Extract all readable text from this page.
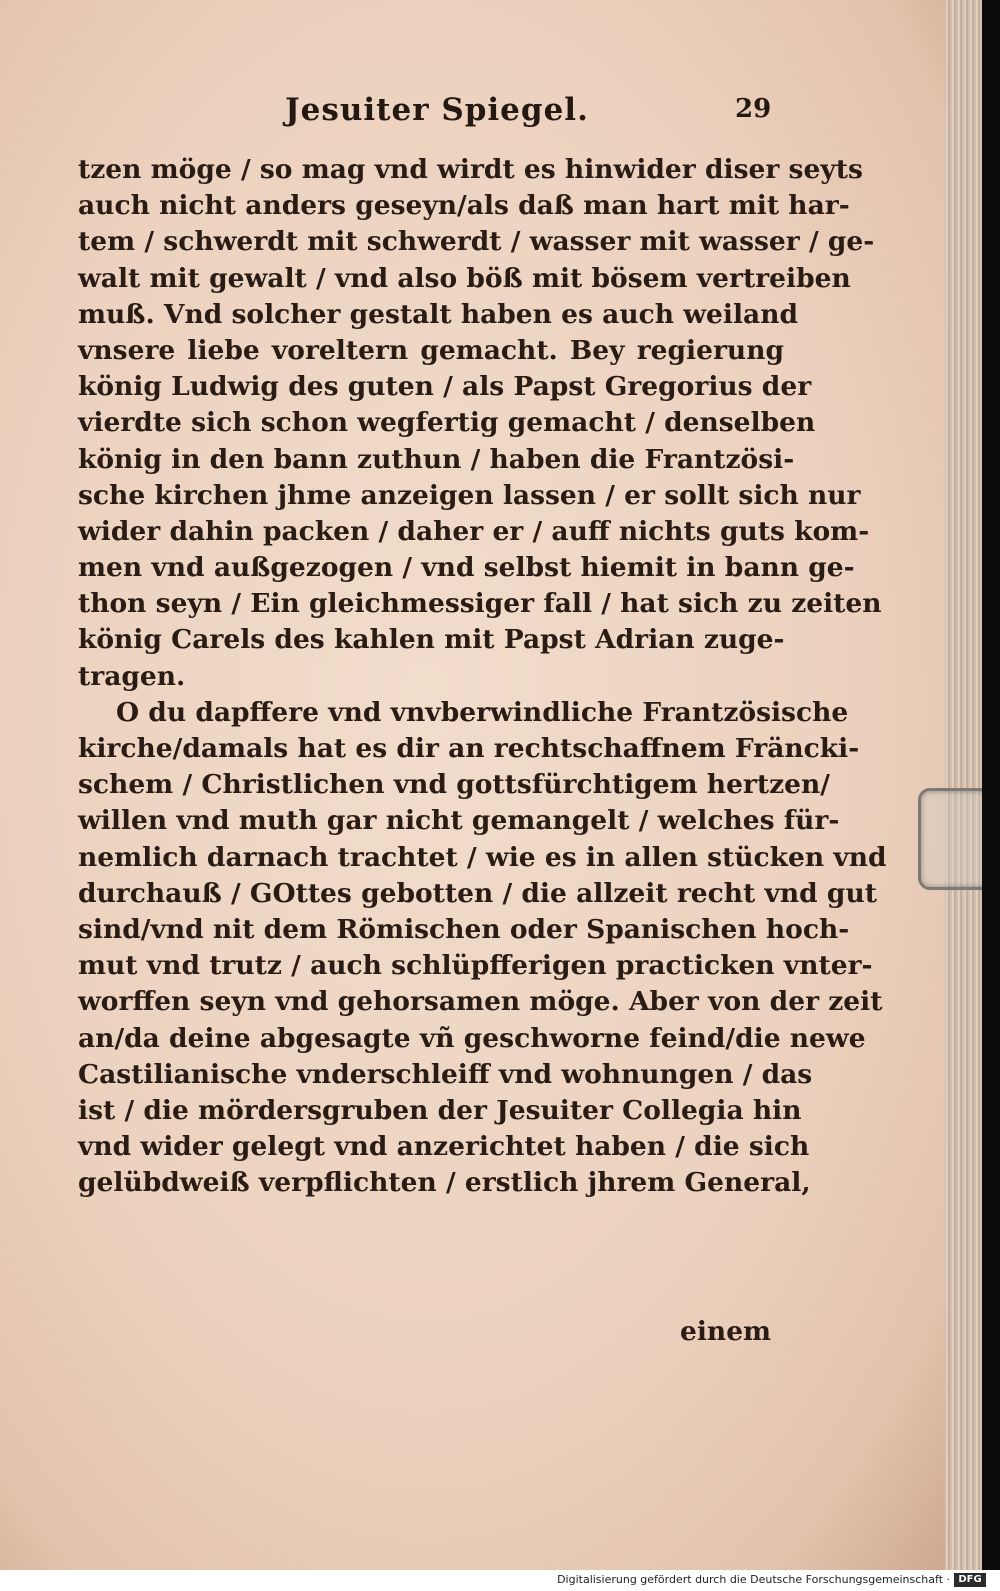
Jesuiter Spiegel.	29
tzen möge / so mag vnd wirdt es hinwider diser seyts
auch nicht anders geseyn/als daß man hart mit har-
tem / schwerdt mit schwerdt / wasser mit wasser / ge-
walt mit gewalt / vnd also böß mit bösem vertreiben
muß. Vnd solcher gestalt haben es auch weiland
vnsere liebe voreltern gemacht. Bey regierung
könig Ludwig des guten / als Papst Gregorius der
vierdte sich schon wegfertig gemacht / denselben
könig in den bann zuthun / haben die Frantzösi-
sche kirchen jhme anzeigen lassen / er sollt sich nur
wider dahin packen / daher er / auff nichts guts kom-
men vnd außgezogen / vnd selbst hiemit in bann ge-
thon seyn / Ein gleichmessiger fall / hat sich zu zeiten
könig Carels des kahlen mit Papst Adrian zuge-
tragen.
O du dapffere vnd vnvberwindliche Frantzösische
kirche/damals hat es dir an rechtschaffnem Fräncki-
schem / Christlichen vnd gottsfürchtigem hertzen/
willen vnd muth gar nicht gemangelt / welches für-
nemlich darnach trachtet / wie es in allen stücken vnd
durchauß / GOttes gebotten / die allzeit recht vnd gut
sind/vnd nit dem Römischen oder Spanischen hoch-
mut vnd trutz / auch schlüpfferigen practicken vnter-
worffen seyn vnd gehorsamen möge. Aber von der zeit
an/da deine abgesagte vñ geschworne feind/die newe
Castilianische vnderschleiff vnd wohnungen / das
ist / die mördersgruben der Jesuiter Collegia hin
vnd wider gelegt vnd anzerichtet haben / die sich
gelübdweiß verpflichten / erstlich jhrem General,
einem
Digitalisierung gefördert durch die Deutsche Forschungsgemeinschaft · DFG
